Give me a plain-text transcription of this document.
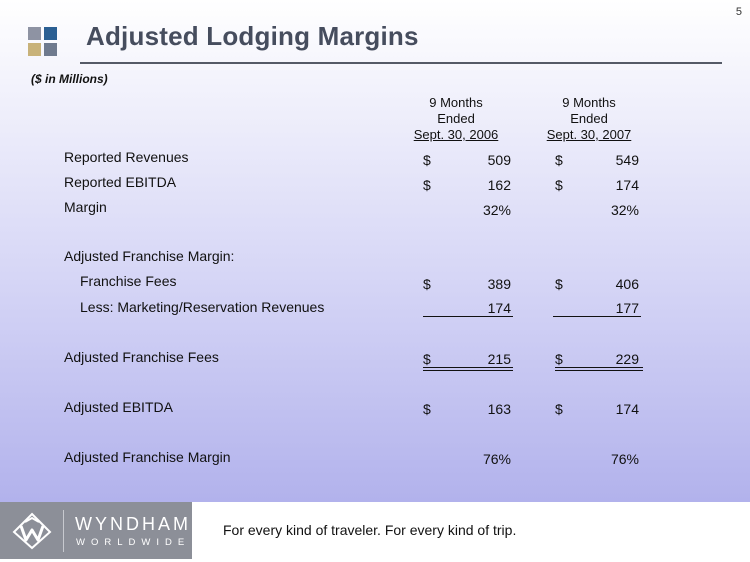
5
Adjusted Lodging Margins
($ in Millions)
9 Months
Ended
Sept. 30, 2006
9 Months
Ended
Sept. 30, 2007
Reported Revenues	$	509	$	549
Reported EBITDA	$	162	$	174
Margin	32%	32%
Adjusted Franchise Margin:
Franchise Fees	$	389	$	406
Less: Marketing/Reservation Revenues	174	177
Adjusted Franchise Fees	$	215	$	229
Adjusted EBITDA	$	163	$	174
Adjusted Franchise Margin	76%	76%
WYNDHAM
WORLDWIDE
For every kind of traveler. For every kind of trip.
